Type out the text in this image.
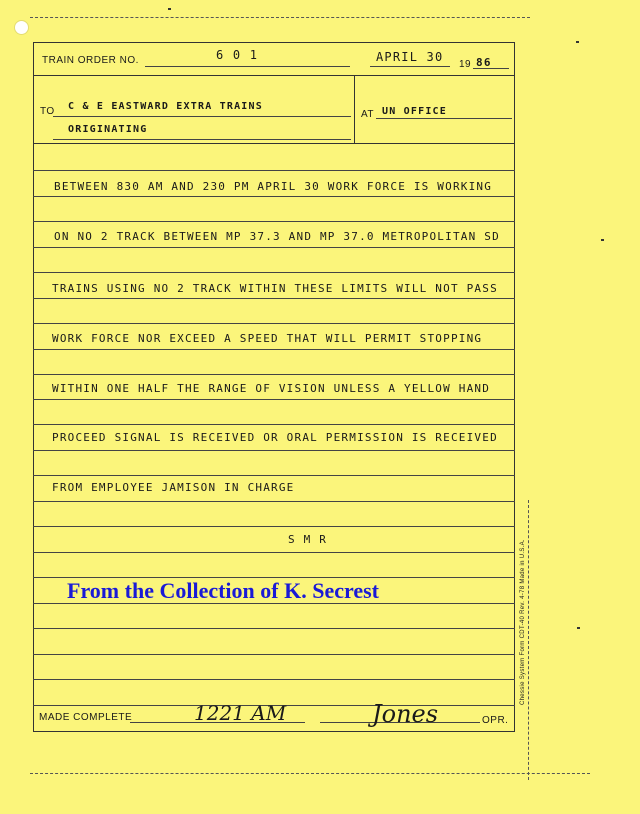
TRAIN ORDER NO.	6 0 1	APRIL 30
19 86
TO C & E EASTWARD EXTRA TRAINS
ORIGINATING
AT UN OFFICE
BETWEEN 830 AM AND 230 PM APRIL 30 WORK FORCE IS WORKING
ON NO 2 TRACK BETWEEN MP 37.3 AND MP 37.0 METROPOLITAN SD
TRAINS USING NO 2 TRACK WITHIN THESE LIMITS WILL NOT PASS
WORK FORCE NOR EXCEED A SPEED THAT WILL PERMIT STOPPING
WITHIN ONE HALF THE RANGE OF VISION UNLESS A YELLOW HAND
PROCEED SIGNAL IS RECEIVED OR ORAL PERMISSION IS RECEIVED
FROM EMPLOYEE JAMISON IN CHARGE
S M R
From the Collection of K. Secrest
MADE COMPLETE	1221 AM	Jones	OPR.
Chessie System Form CDT-40 Rev. 4-78 Made in U.S.A.
